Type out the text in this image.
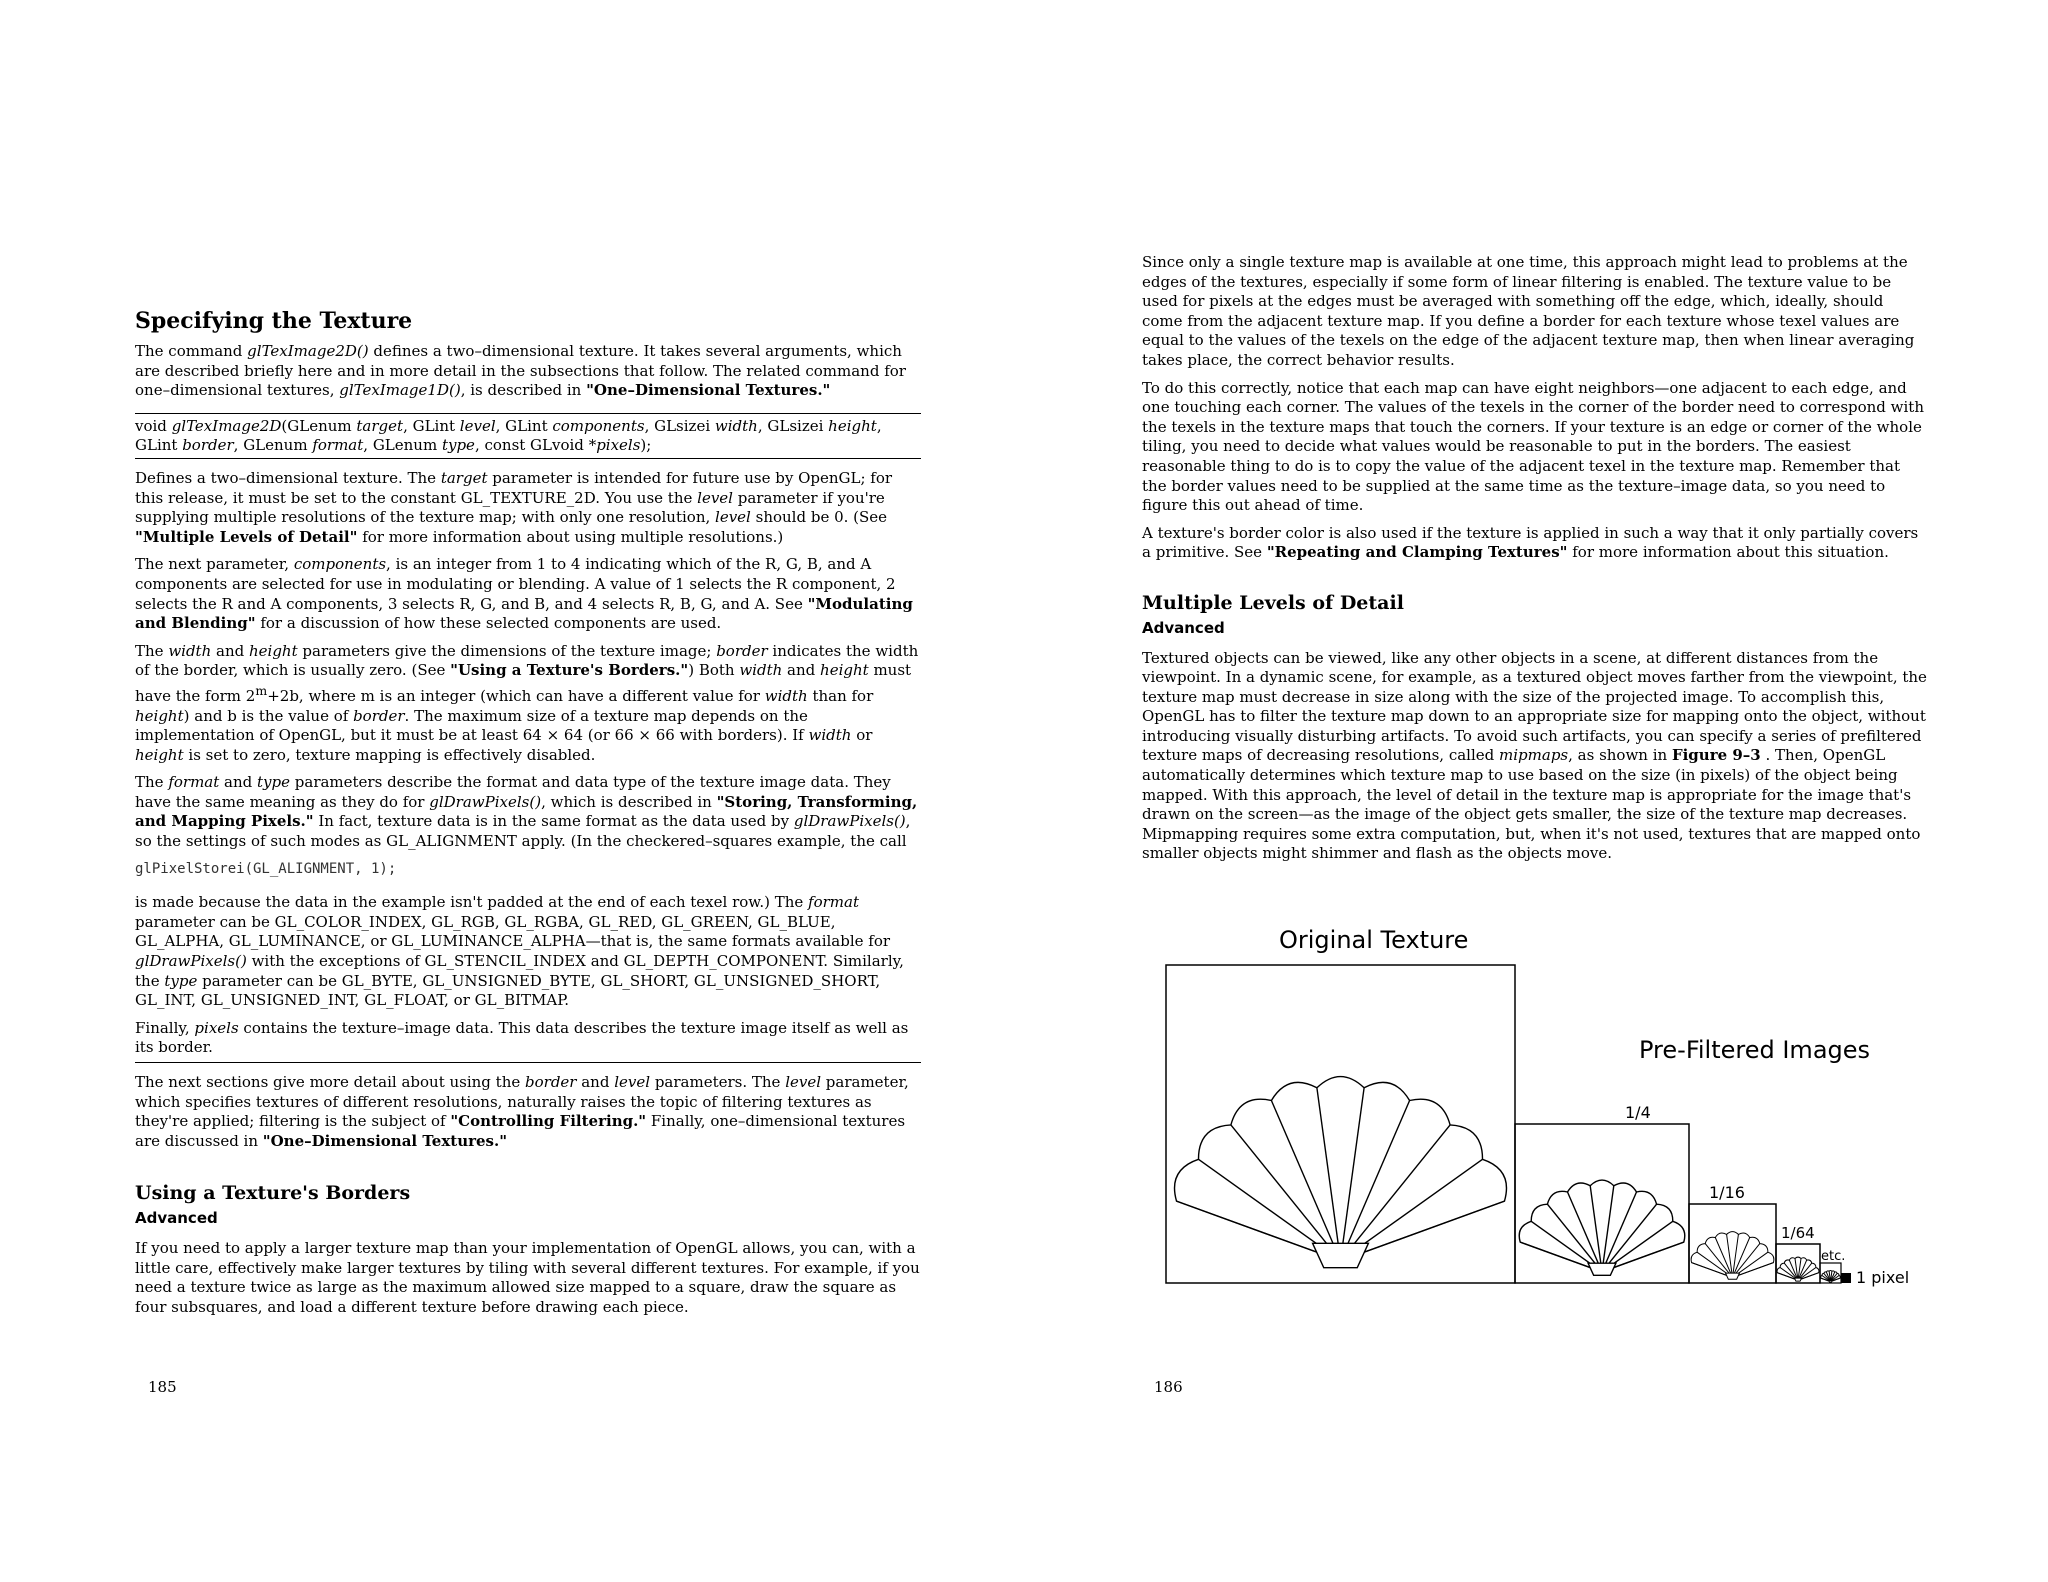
Specifying the Texture

The command glTexImage2D() defines a two–dimensional texture. It takes several arguments, which are described briefly here and in more detail in the subsections that follow. The related command for one–dimensional textures, glTexImage1D(), is described in "One–Dimensional Textures."

void glTexImage2D(GLenum target, GLint level, GLint components, GLsizei width, GLsizei height, GLint border, GLenum format, GLenum type, const GLvoid *pixels);

Defines a two–dimensional texture. The target parameter is intended for future use by OpenGL; for this release, it must be set to the constant GL_TEXTURE_2D. You use the level parameter if you're supplying multiple resolutions of the texture map; with only one resolution, level should be 0. (See "Multiple Levels of Detail" for more information about using multiple resolutions.)

The next parameter, components, is an integer from 1 to 4 indicating which of the R, G, B, and A components are selected for use in modulating or blending. A value of 1 selects the R component, 2 selects the R and A components, 3 selects R, G, and B, and 4 selects R, B, G, and A. See "Modulating and Blending" for a discussion of how these selected components are used.

The width and height parameters give the dimensions of the texture image; border indicates the width of the border, which is usually zero. (See "Using a Texture's Borders.") Both width and height must have the form $2^m+2b$, where m is an integer (which can have a different value for width than for height) and b is the value of border. The maximum size of a texture map depends on the implementation of OpenGL, but it must be at least 64 × 64 (or 66 × 66 with borders). If width or height is set to zero, texture mapping is effectively disabled.

The format and type parameters describe the format and data type of the texture image data. They have the same meaning as they do for glDrawPixels(), which is described in "Storing, Transforming, and Mapping Pixels." In fact, texture data is in the same format as the data used by glDrawPixels(), so the settings of such modes as GL_ALIGNMENT apply. (In the checkered–squares example, the call

glPixelStorei(GL_ALIGNMENT, 1);

is made because the data in the example isn't padded at the end of each texel row.) The format parameter can be GL_COLOR_INDEX, GL_RGB, GL_RGBA, GL_RED, GL_GREEN, GL_BLUE, GL_ALPHA, GL_LUMINANCE, or GL_LUMINANCE_ALPHA—that is, the same formats available for glDrawPixels() with the exceptions of GL_STENCIL_INDEX and GL_DEPTH_COMPONENT. Similarly, the type parameter can be GL_BYTE, GL_UNSIGNED_BYTE, GL_SHORT, GL_UNSIGNED_SHORT, GL_INT, GL_UNSIGNED_INT, GL_FLOAT, or GL_BITMAP.

Finally, pixels contains the texture–image data. This data describes the texture image itself as well as its border.

The next sections give more detail about using the border and level parameters. The level parameter, which specifies textures of different resolutions, naturally raises the topic of filtering textures as they're applied; filtering is the subject of "Controlling Filtering." Finally, one–dimensional textures are discussed in "One–Dimensional Textures."

Using a Texture's Borders
Advanced

If you need to apply a larger texture map than your implementation of OpenGL allows, you can, with a little care, effectively make larger textures by tiling with several different textures. For example, if you need a texture twice as large as the maximum allowed size mapped to a square, draw the square as four subsquares, and load a different texture before drawing each piece.

185

Since only a single texture map is available at one time, this approach might lead to problems at the edges of the textures, especially if some form of linear filtering is enabled. The texture value to be used for pixels at the edges must be averaged with something off the edge, which, ideally, should come from the adjacent texture map. If you define a border for each texture whose texel values are equal to the values of the texels on the edge of the adjacent texture map, then when linear averaging takes place, the correct behavior results.

To do this correctly, notice that each map can have eight neighbors—one adjacent to each edge, and one touching each corner. The values of the texels in the corner of the border need to correspond with the texels in the texture maps that touch the corners. If your texture is an edge or corner of the whole tiling, you need to decide what values would be reasonable to put in the borders. The easiest reasonable thing to do is to copy the value of the adjacent texel in the texture map. Remember that the border values need to be supplied at the same time as the texture–image data, so you need to figure this out ahead of time.

A texture's border color is also used if the texture is applied in such a way that it only partially covers a primitive. See "Repeating and Clamping Textures" for more information about this situation.

Multiple Levels of Detail
Advanced

Textured objects can be viewed, like any other objects in a scene, at different distances from the viewpoint. In a dynamic scene, for example, as a textured object moves farther from the viewpoint, the texture map must decrease in size along with the size of the projected image. To accomplish this, OpenGL has to filter the texture map down to an appropriate size for mapping onto the object, without introducing visually disturbing artifacts. To avoid such artifacts, you can specify a series of prefiltered texture maps of decreasing resolutions, called mipmaps, as shown in Figure 9–3 . Then, OpenGL automatically determines which texture map to use based on the size (in pixels) of the object being mapped. With this approach, the level of detail in the texture map is appropriate for the image that's drawn on the screen—as the image of the object gets smaller, the size of the texture map decreases. Mipmapping requires some extra computation, but, when it's not used, textures that are mapped onto smaller objects might shimmer and flash as the objects move.

Original Texture
Pre-Filtered Images
1/4
1/16
1/64
etc.
1 pixel
186
